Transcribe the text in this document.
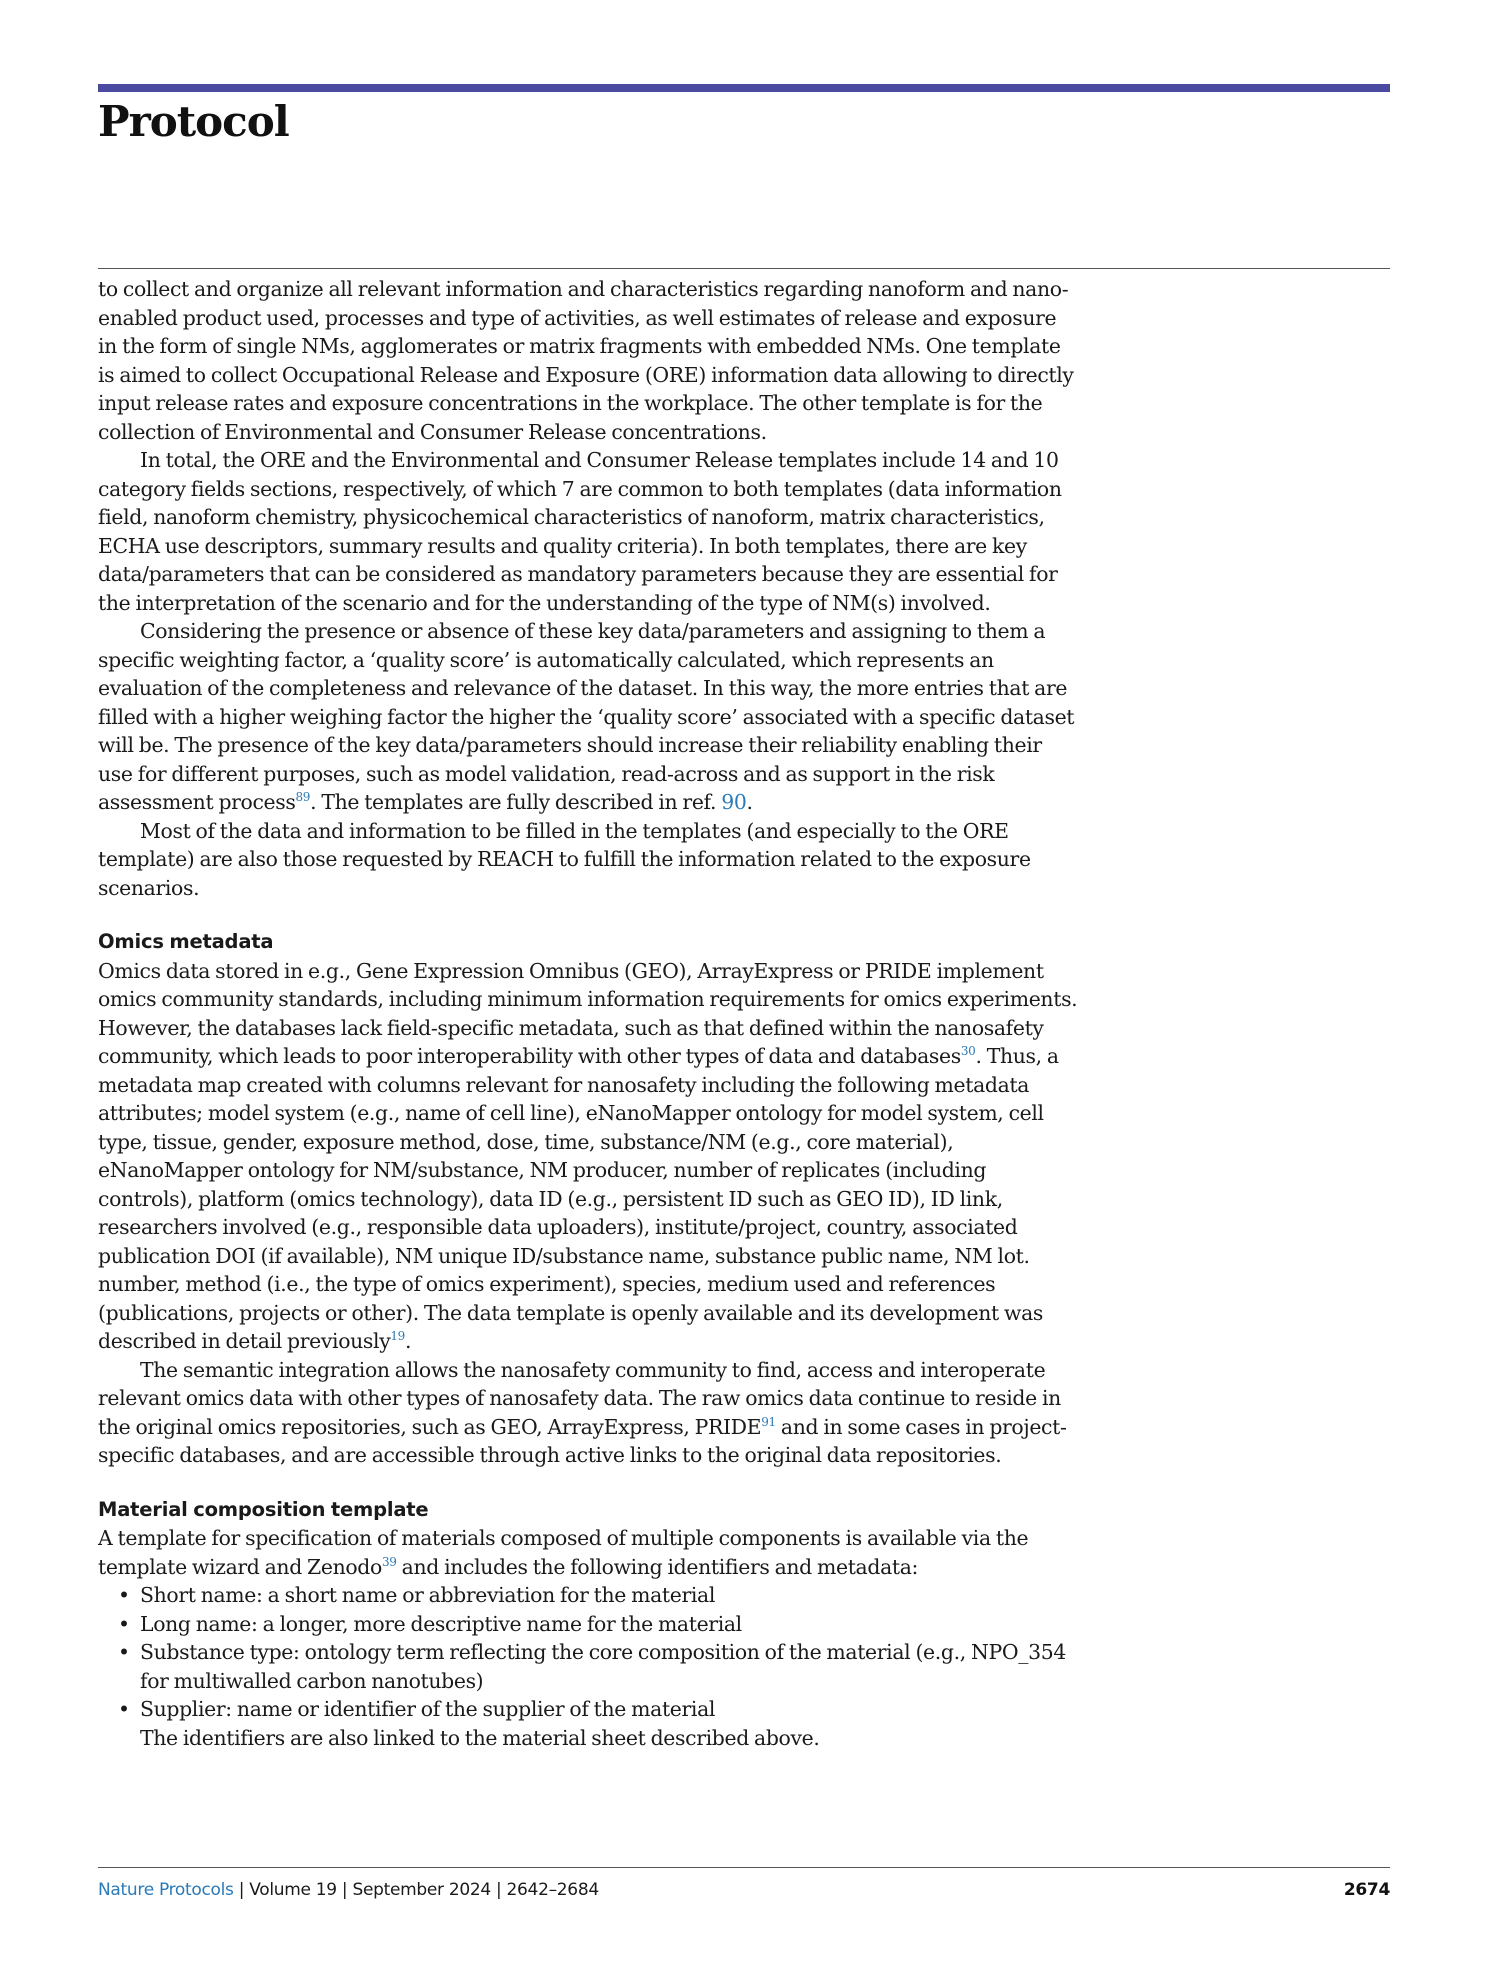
Protocol

to collect and organize all relevant information and characteristics regarding nanoform and nano-enabled product used, processes and type of activities, as well estimates of release and exposure in the form of single NMs, agglomerates or matrix fragments with embedded NMs. One template is aimed to collect Occupational Release and Exposure (ORE) information data allowing to directly input release rates and exposure concentrations in the workplace. The other template is for the collection of Environmental and Consumer Release concentrations.

In total, the ORE and the Environmental and Consumer Release templates include 14 and 10 category fields sections, respectively, of which 7 are common to both templates (data information field, nanoform chemistry, physicochemical characteristics of nanoform, matrix characteristics, ECHA use descriptors, summary results and quality criteria). In both templates, there are key data/parameters that can be considered as mandatory parameters because they are essential for the interpretation of the scenario and for the understanding of the type of NM(s) involved.

Considering the presence or absence of these key data/parameters and assigning to them a specific weighting factor, a ‘quality score’ is automatically calculated, which represents an evaluation of the completeness and relevance of the dataset. In this way, the more entries that are filled with a higher weighing factor the higher the ‘quality score’ associated with a specific dataset will be. The presence of the key data/parameters should increase their reliability enabling their use for different purposes, such as model validation, read-across and as support in the risk assessment process$^{89}$. The templates are fully described in ref. 90.

Most of the data and information to be filled in the templates (and especially to the ORE template) are also those requested by REACH to fulfill the information related to the exposure scenarios.

Omics metadata

Omics data stored in e.g., Gene Expression Omnibus (GEO), ArrayExpress or PRIDE implement omics community standards, including minimum information requirements for omics experiments. However, the databases lack field-specific metadata, such as that defined within the nanosafety community, which leads to poor interoperability with other types of data and databases$^{30}$. Thus, a metadata map created with columns relevant for nanosafety including the following metadata attributes; model system (e.g., name of cell line), eNanoMapper ontology for model system, cell type, tissue, gender, exposure method, dose, time, substance/NM (e.g., core material), eNanoMapper ontology for NM/substance, NM producer, number of replicates (including controls), platform (omics technology), data ID (e.g., persistent ID such as GEO ID), ID link, researchers involved (e.g., responsible data uploaders), institute/project, country, associated publication DOI (if available), NM unique ID/substance name, substance public name, NM lot. number, method (i.e., the type of omics experiment), species, medium used and references (publications, projects or other). The data template is openly available and its development was described in detail previously$^{19}$.

The semantic integration allows the nanosafety community to find, access and interoperate relevant omics data with other types of nanosafety data. The raw omics data continue to reside in the original omics repositories, such as GEO, ArrayExpress, PRIDE$^{91}$ and in some cases in project-specific databases, and are accessible through active links to the original data repositories.

Material composition template

A template for specification of materials composed of multiple components is available via the template wizard and Zenodo$^{39}$ and includes the following identifiers and metadata:

• Short name: a short name or abbreviation for the material
• Long name: a longer, more descriptive name for the material
• Substance type: ontology term reflecting the core composition of the material (e.g., NPO_354 for multiwalled carbon nanotubes)
• Supplier: name or identifier of the supplier of the material

The identifiers are also linked to the material sheet described above.

Nature Protocols | Volume 19 | September 2024 | 2642–2684	2674
